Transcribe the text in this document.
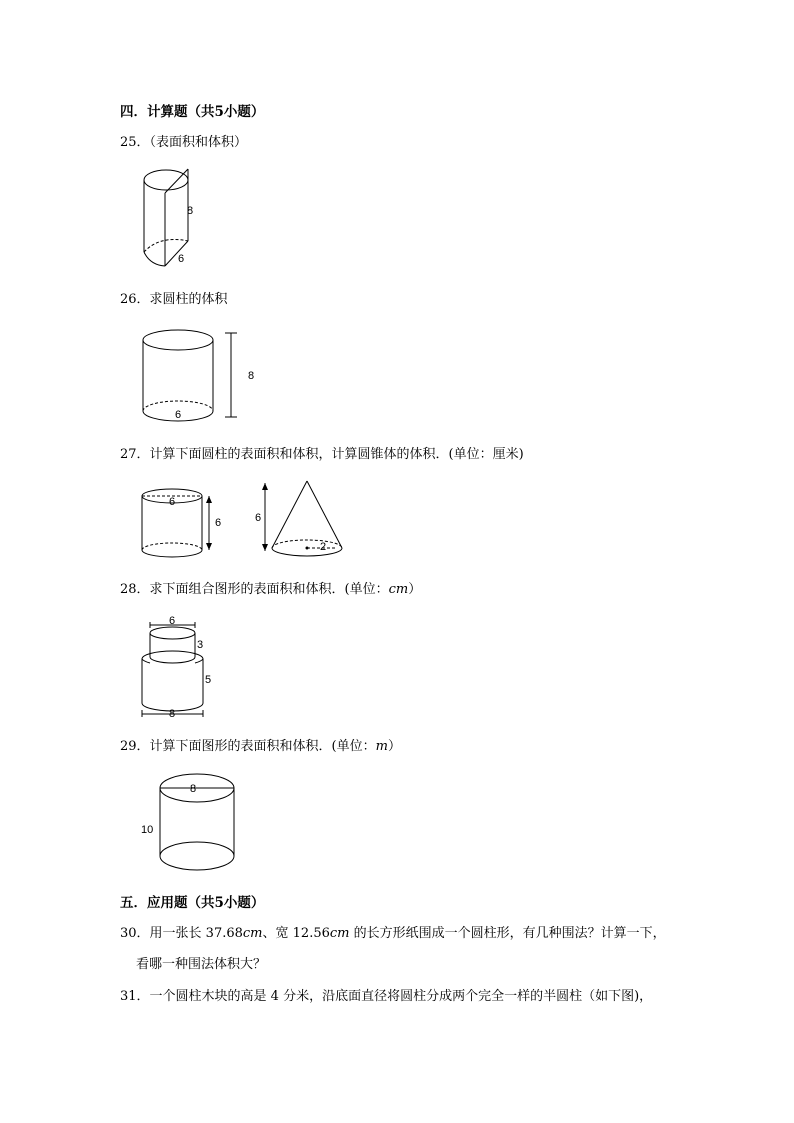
四．计算题（共5小题）
25．（表面积和体积）
8
6
26．求圆柱的体积
8
6
27．计算下面圆柱的表面积和体积，计算圆锥体的体积．(单位：厘米)
6
6	6
2
28．求下面组合图形的表面积和体积．(单位：cm）
6
3
5
8
29．计算下面图形的表面积和体积．(单位：m）
8
10
五．应用题（共5小题）
30．用一张长 37.68cm、宽 12.56cm 的长方形纸围成一个圆柱形，有几种围法？计算一下，
看哪一种围法体积大？
31．一个圆柱木块的高是 4 分米，沿底面直径将圆柱分成两个完全一样的半圆柱（如下图)，
